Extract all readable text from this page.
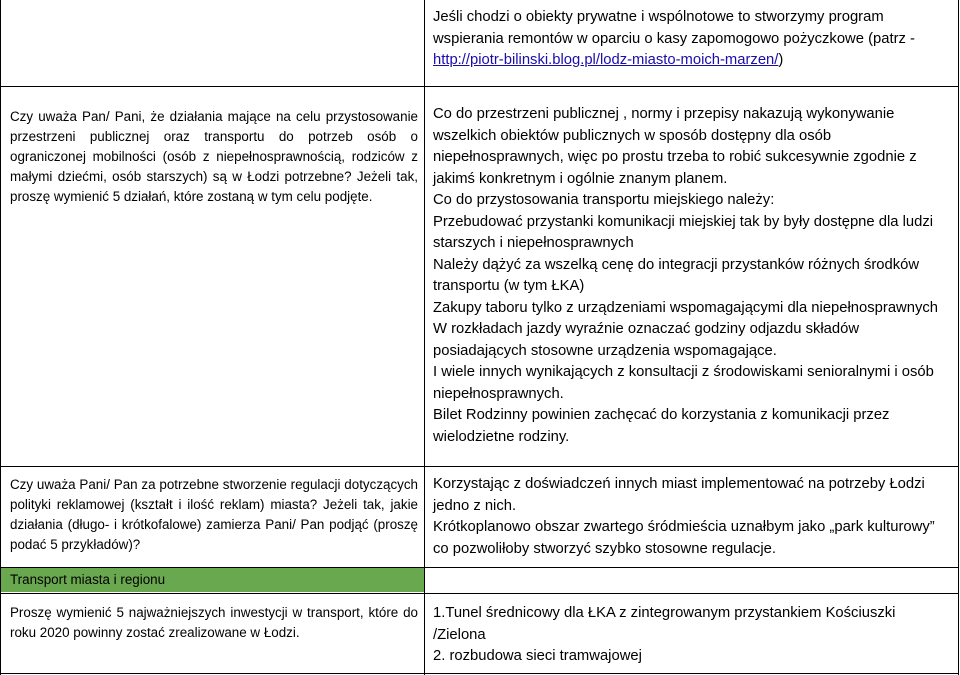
Jeśli chodzi o obiekty prywatne i wspólnotowe to stworzymy program wspierania remontów w oparciu o kasy zapomogowo pożyczkowe (patrz - http://piotr-bilinski.blog.pl/lodz-miasto-moich-marzen/)

Czy uważa Pan/ Pani, że działania mające na celu przystosowanie przestrzeni publicznej oraz transportu do potrzeb osób o ograniczonej mobilności (osób z niepełnosprawnością, rodziców z małymi dziećmi, osób starszych) są w Łodzi potrzebne? Jeżeli tak, proszę wymienić 5 działań, które zostaną w tym celu podjęte.

Co do przestrzeni publicznej , normy i przepisy nakazują wykonywanie wszelkich obiektów publicznych w sposób dostępny dla osób niepełnosprawnych, więc po prostu trzeba to robić sukcesywnie zgodnie z jakimś konkretnym i ogólnie znanym planem.

Co do przystosowania transportu miejskiego należy:

Przebudować przystanki komunikacji miejskiej tak by były dostępne dla ludzi starszych i niepełnosprawnych

Należy dążyć za wszelką cenę do integracji przystanków różnych środków transportu (w tym ŁKA)

Zakupy taboru tylko z urządzeniami wspomagającymi dla niepełnosprawnych

W rozkładach jazdy wyraźnie oznaczać godziny odjazdu składów posiadających stosowne urządzenia wspomagające.

I wiele innych wynikających z konsultacji z środowiskami senioralnymi i osób niepełnosprawnych.

Bilet Rodzinny powinien zachęcać do korzystania z komunikacji przez wielodzietne rodziny.

Czy uważa Pani/ Pan za potrzebne stworzenie regulacji dotyczących polityki reklamowej (kształt i ilość reklam) miasta? Jeżeli tak, jakie działania (długo- i krótkofalowe) zamierza Pani/ Pan podjąć (proszę podać 5 przykładów)?

Korzystając z doświadczeń innych miast implementować na potrzeby Łodzi jedno z nich.

Krótkoplanowo obszar zwartego śródmieścia uznałbym jako „park kulturowy” co pozwoliłoby stworzyć szybko stosowne regulacje.

Transport miasta i regionu

Proszę wymienić 5 najważniejszych inwestycji w transport, które do roku 2020 powinny zostać zrealizowane w Łodzi.

1.Tunel średnicowy dla ŁKA z zintegrowanym przystankiem Kościuszki /Zielona

2. rozbudowa sieci tramwajowej
